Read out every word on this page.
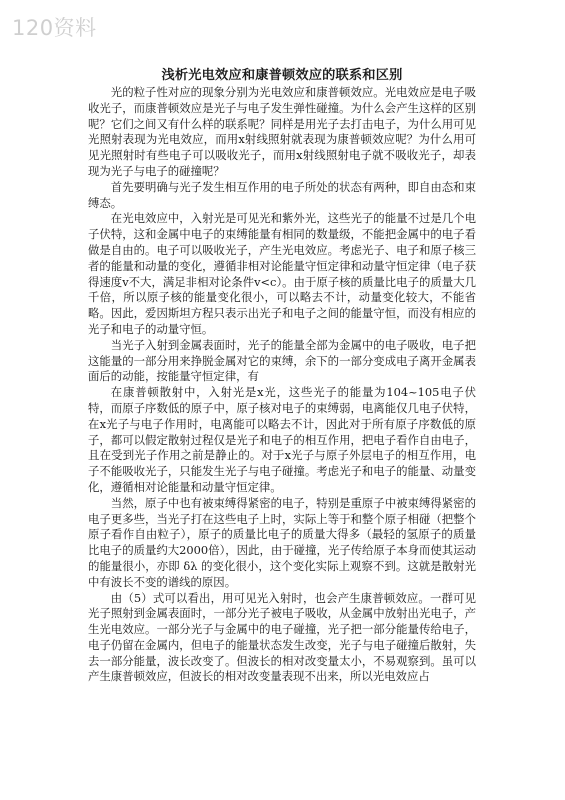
120资料
浅析光电效应和康普顿效应的联系和区别

光的粒子性对应的现象分别为光电效应和康普顿效应。光电效应是电子吸收光子，而康普顿效应是光子与电子发生弹性碰撞。为什么会产生这样的区别呢？它们之间又有什么样的联系呢？同样是用光子去打击电子，为什么用可见光照射表现为光电效应，而用x射线照射就表现为康普顿效应呢？为什么用可见光照射时有些电子可以吸收光子，而用x射线照射电子就不吸收光子，却表现为光子与电子的碰撞呢？

首先要明确与光子发生相互作用的电子所处的状态有两种，即自由态和束缚态。

在光电效应中，入射光是可见光和紫外光，这些光子的能量不过是几个电子伏特，这和金属中电子的束缚能量有相同的数量级，不能把金属中的电子看做是自由的。电子可以吸收光子，产生光电效应。考虑光子、电子和原子核三者的能量和动量的变化，遵循非相对论能量守恒定律和动量守恒定律（电子获得速度v不大，满足非相对论条件v<c）。由于原子核的质量比电子的质量大几千倍，所以原子核的能量变化很小，可以略去不计，动量变化较大，不能省略。因此，爱因斯坦方程只表示出光子和电子之间的能量守恒，而没有相应的光子和电子的动量守恒。

当光子入射到金属表面时，光子的能量全部为金属中的电子吸收，电子把这能量的一部分用来挣脱金属对它的束缚，余下的一部分变成电子离开金属表面后的动能，按能量守恒定律，有

在康普顿散射中，入射光是x光，这些光子的能量为104~105电子伏特，而原子序数低的原子中，原子核对电子的束缚弱，电离能仅几电子伏特，在x光子与电子作用时，电离能可以略去不计，因此对于所有原子序数低的原子，都可以假定散射过程仅是光子和电子的相互作用，把电子看作自由电子，且在受到光子作用之前是静止的。对于x光子与原子外层电子的相互作用，电子不能吸收光子，只能发生光子与电子碰撞。考虑光子和电子的能量、动量变化，遵循相对论能量和动量守恒定律。

当然，原子中也有被束缚得紧密的电子，特别是重原子中被束缚得紧密的电子更多些，当光子打在这些电子上时，实际上等于和整个原子相碰（把整个原子看作自由粒子），原子的质量比电子的质量大得多（最轻的氢原子的质量比电子的质量约大2000倍），因此，由于碰撞，光子传给原子本身而使其运动的能量很小，亦即 δλ 的变化很小，这个变化实际上观察不到。这就是散射光中有波长不变的谱线的原因。

由（5）式可以看出，用可见光入射时，也会产生康普顿效应。一群可见光子照射到金属表面时，一部分光子被电子吸收，从金属中放射出光电子，产生光电效应。一部分光子与金属中的电子碰撞，光子把一部分能量传给电子，电子仍留在金属内，但电子的能量状态发生改变，光子与电子碰撞后散射，失去一部分能量，波长改变了。但波长的相对改变量太小，不易观察到。虽可以产生康普顿效应，但波长的相对改变量表现不出来，所以光电效应占
